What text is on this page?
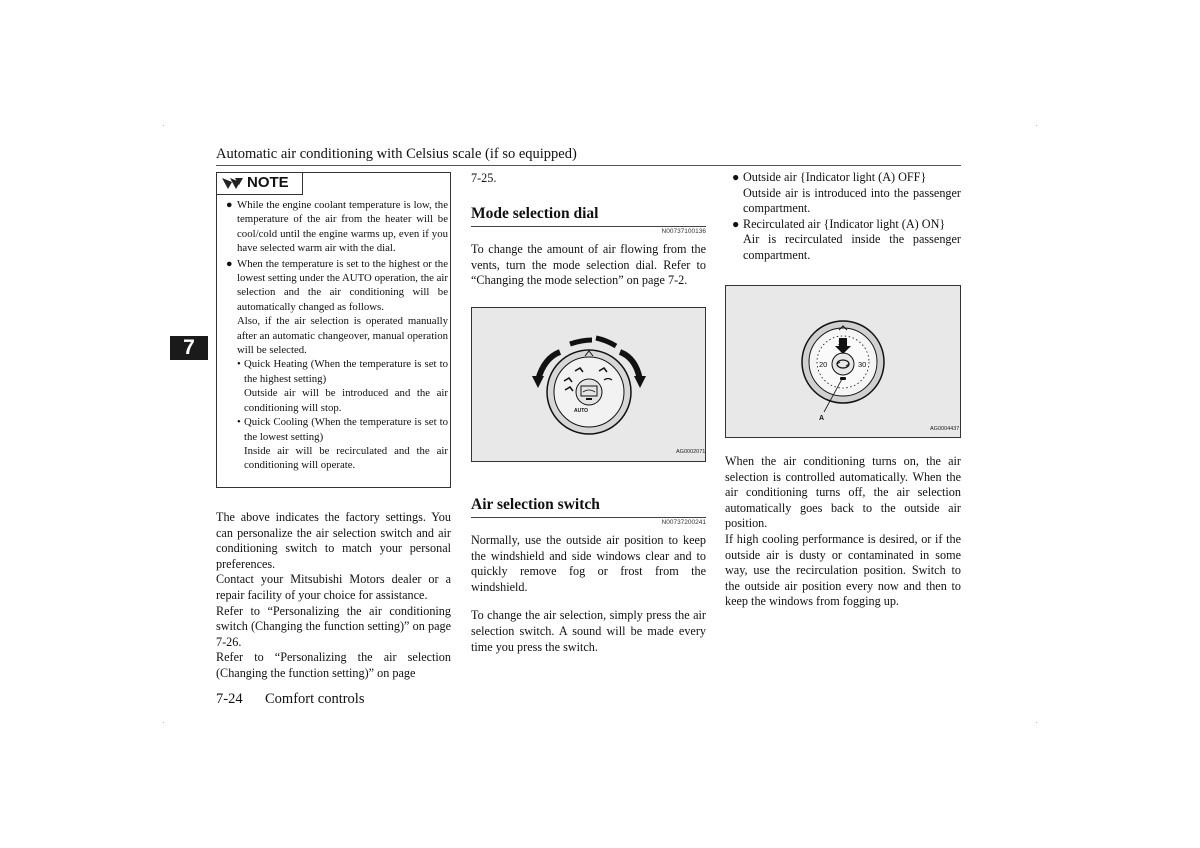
Automatic air conditioning with Celsius scale (if so equipped)
7
NOTE

● While the engine coolant temperature is low, the temperature of the air from the heater will be cool/cold until the engine warms up, even if you have selected warm air with the dial.

● When the temperature is set to the highest or the lowest setting under the AUTO operation, the air selection and the air conditioning will be automatically changed as follows.

Also, if the air selection is operated manually after an automatic changeover, manual operation will be selected.

• Quick Heating (When the temperature is set to the highest setting)

Outside air will be introduced and the air conditioning will stop.

• Quick Cooling (When the temperature is set to the lowest setting)

Inside air will be recirculated and the air conditioning will operate.

The above indicates the factory settings. You can personalize the air selection switch and air conditioning switch to match your personal preferences.

Contact your Mitsubishi Motors dealer or a repair facility of your choice for assistance.

Refer to “Personalizing the air conditioning switch (Changing the function setting)” on page 7-26.

Refer to “Personalizing the air selection (Changing the function setting)” on page

7-25.
Mode selection dial
N00737100136

To change the amount of air flowing from the vents, turn the mode selection dial. Refer to “Changing the mode selection” on page 7-2.

AUTO
AG0002071
Air selection switch
N00737200241

Normally, use the outside air position to keep the windshield and side windows clear and to quickly remove fog or frost from the windshield.

To change the air selection, simply press the air selection switch. A sound will be made every time you press the switch.

● Outside air {Indicator light (A) OFF}

Outside air is introduced into the passenger compartment.

● Recirculated air {Indicator light (A) ON}

Air is recirculated inside the passenger compartment.

25
20	30
A
AG0004437

When the air conditioning turns on, the air selection is controlled automatically. When the air conditioning turns off, the air selection automatically goes back to the outside air position.

If high cooling performance is desired, or if the outside air is dusty or contaminated in some way, use the recirculation position. Switch to the outside air position every now and then to keep the windows from fogging up.

7-24 Comfort controls
